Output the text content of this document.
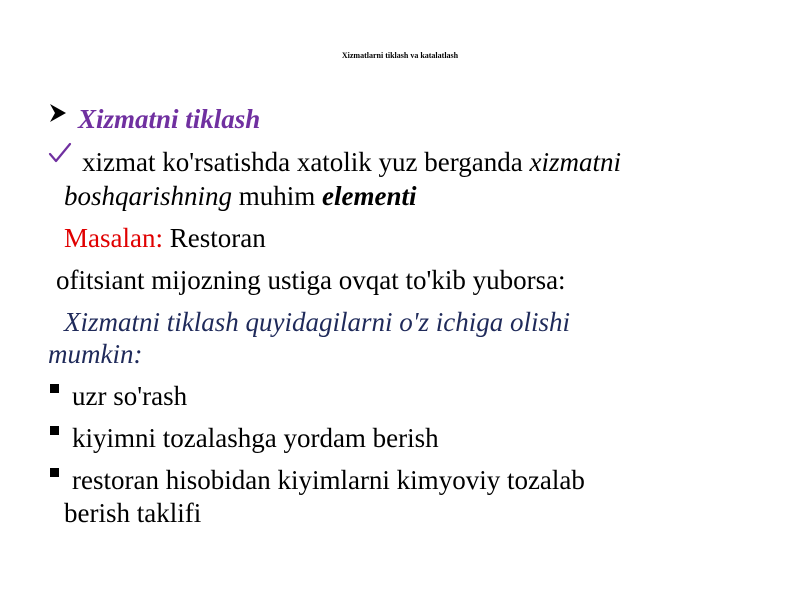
Xizmatlarni tiklash va katalatlash
Xizmatni tiklash
xizmat ko'rsatishda xatolik yuz berganda xizmatni
boshqarishning muhim elementi
Masalan: Restoran
ofitsiant mijozning ustiga ovqat to'kib yuborsa:
Xizmatni tiklash quyidagilarni o'z ichiga olishi
mumkin:
uzr so'rash
kiyimni tozalashga yordam berish
restoran hisobidan kiyimlarni kimyoviy tozalab
berish taklifi
